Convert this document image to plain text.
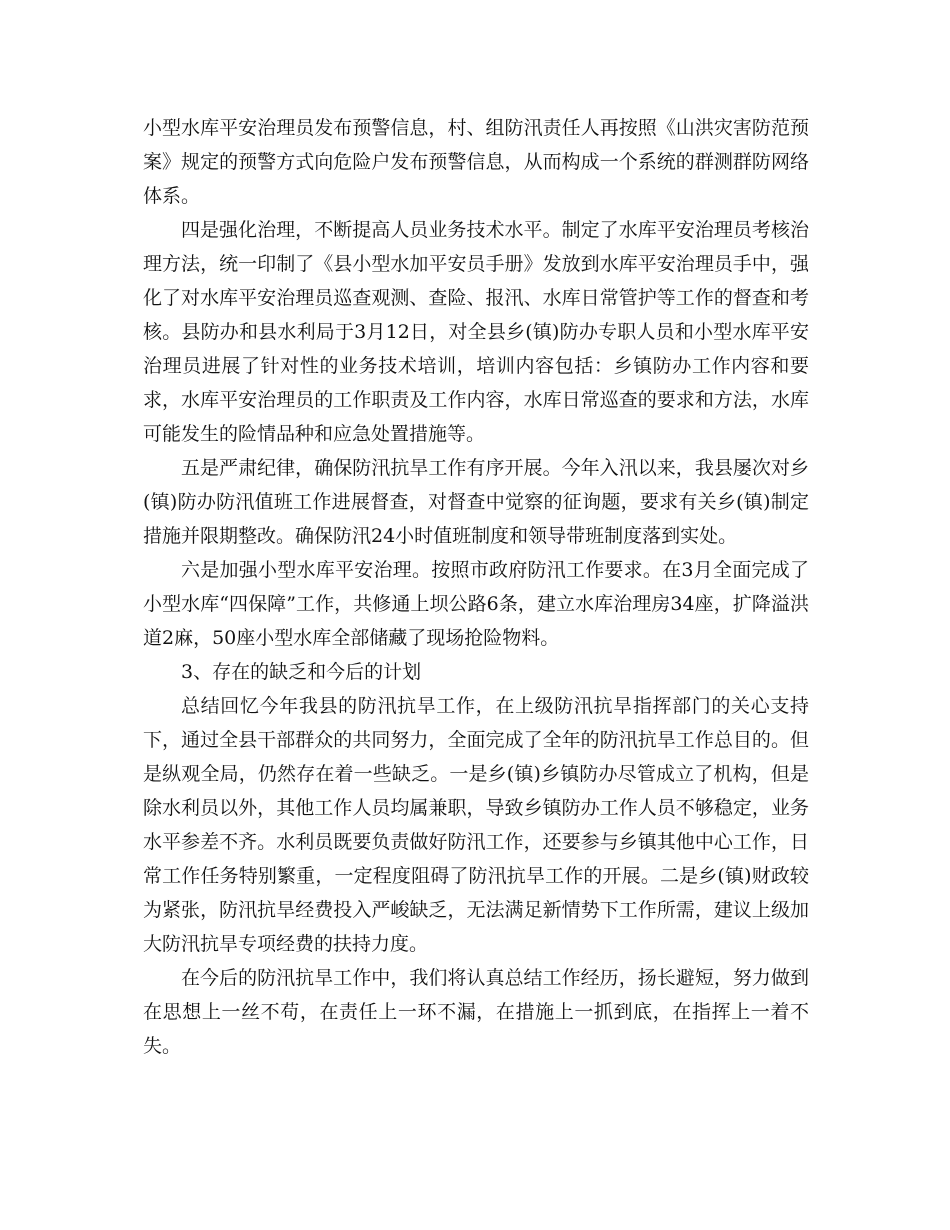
小型水库平安治理员发布预警信息，村、组防汛责任人再按照《山洪灾害防范预案》规定的预警方式向危险户发布预警信息，从而构成一个系统的群测群防网络体系。

四是强化治理，不断提高人员业务技术水平。制定了水库平安治理员考核治理方法，统一印制了《县小型水加平安员手册》发放到水库平安治理员手中，强化了对水库平安治理员巡查观测、查险、报汛、水库日常管护等工作的督查和考核。县防办和县水利局于3月12日，对全县乡(镇)防办专职人员和小型水库平安治理员进展了针对性的业务技术培训，培训内容包括：乡镇防办工作内容和要求，水库平安治理员的工作职责及工作内容，水库日常巡查的要求和方法，水库可能发生的险情品种和应急处置措施等。

五是严肃纪律，确保防汛抗旱工作有序开展。今年入汛以来，我县屡次对乡(镇)防办防汛值班工作进展督查，对督查中觉察的征询题，要求有关乡(镇)制定措施并限期整改。确保防汛24小时值班制度和领导带班制度落到实处。

六是加强小型水库平安治理。按照市政府防汛工作要求。在3月全面完成了小型水库“四保障”工作，共修通上坝公路6条，建立水库治理房34座，扩降溢洪道2麻，50座小型水库全部储藏了现场抢险物料。

3、存在的缺乏和今后的计划

总结回忆今年我县的防汛抗旱工作，在上级防汛抗旱指挥部门的关心支持下，通过全县干部群众的共同努力，全面完成了全年的防汛抗旱工作总目的。但是纵观全局，仍然存在着一些缺乏。一是乡(镇)乡镇防办尽管成立了机构，但是除水利员以外，其他工作人员均属兼职，导致乡镇防办工作人员不够稳定，业务水平参差不齐。水利员既要负责做好防汛工作，还要参与乡镇其他中心工作，日常工作任务特别繁重，一定程度阻碍了防汛抗旱工作的开展。二是乡(镇)财政较为紧张，防汛抗旱经费投入严峻缺乏，无法满足新情势下工作所需，建议上级加大防汛抗旱专项经费的扶持力度。

在今后的防汛抗旱工作中，我们将认真总结工作经历，扬长避短，努力做到在思想上一丝不苟，在责任上一环不漏，在措施上一抓到底，在指挥上一着不失。
